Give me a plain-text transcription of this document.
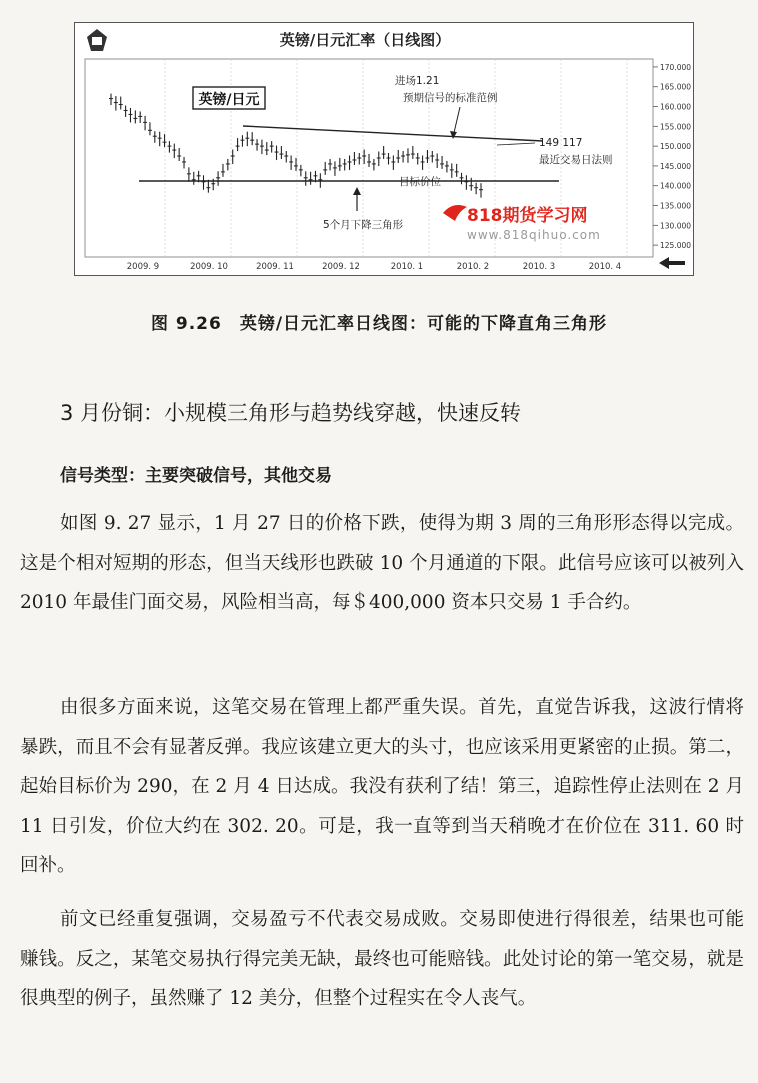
英镑/日元汇率（日线图）
170.000
165.000
160.000
155.000
150.000
145.000
140.000
135.000
130.000
125.000
2009. 9	2009. 10	2009. 11	2009. 12	2010. 1	2010. 2	2010. 3	2010. 4
英镑/日元
进场1.21
预期信号的标准范例
149 117
最近交易日法则
目标价位
5个月下降三角形	818期货学习网
www.818qihuo.com
图 9.26　英镑/日元汇率日线图：可能的下降直角三角形
3 月份铜：小规模三角形与趋势线穿越，快速反转
信号类型：主要突破信号，其他交易

如图 9. 27 显示，1 月 27 日的价格下跌，使得为期 3 周的三角形形态得以完成。这是个相对短期的形态，但当天线形也跌破 10 个月通道的下限。此信号应该可以被列入 2010 年最佳门面交易，风险相当高，每＄400,000 资本只交易 1 手合约。

由很多方面来说，这笔交易在管理上都严重失误。首先，直觉告诉我，这波行情将暴跌，而且不会有显著反弹。我应该建立更大的头寸，也应该采用更紧密的止损。第二，起始目标价为 290，在 2 月 4 日达成。我没有获利了结！第三，追踪性停止法则在 2 月 11 日引发，价位大约在 302. 20。可是，我一直等到当天稍晚才在价位在 311. 60 时回补。

前文已经重复强调，交易盈亏不代表交易成败。交易即使进行得很差，结果也可能赚钱。反之，某笔交易执行得完美无缺，最终也可能赔钱。此处讨论的第一笔交易，就是很典型的例子，虽然赚了 12 美分，但整个过程实在令人丧气。
